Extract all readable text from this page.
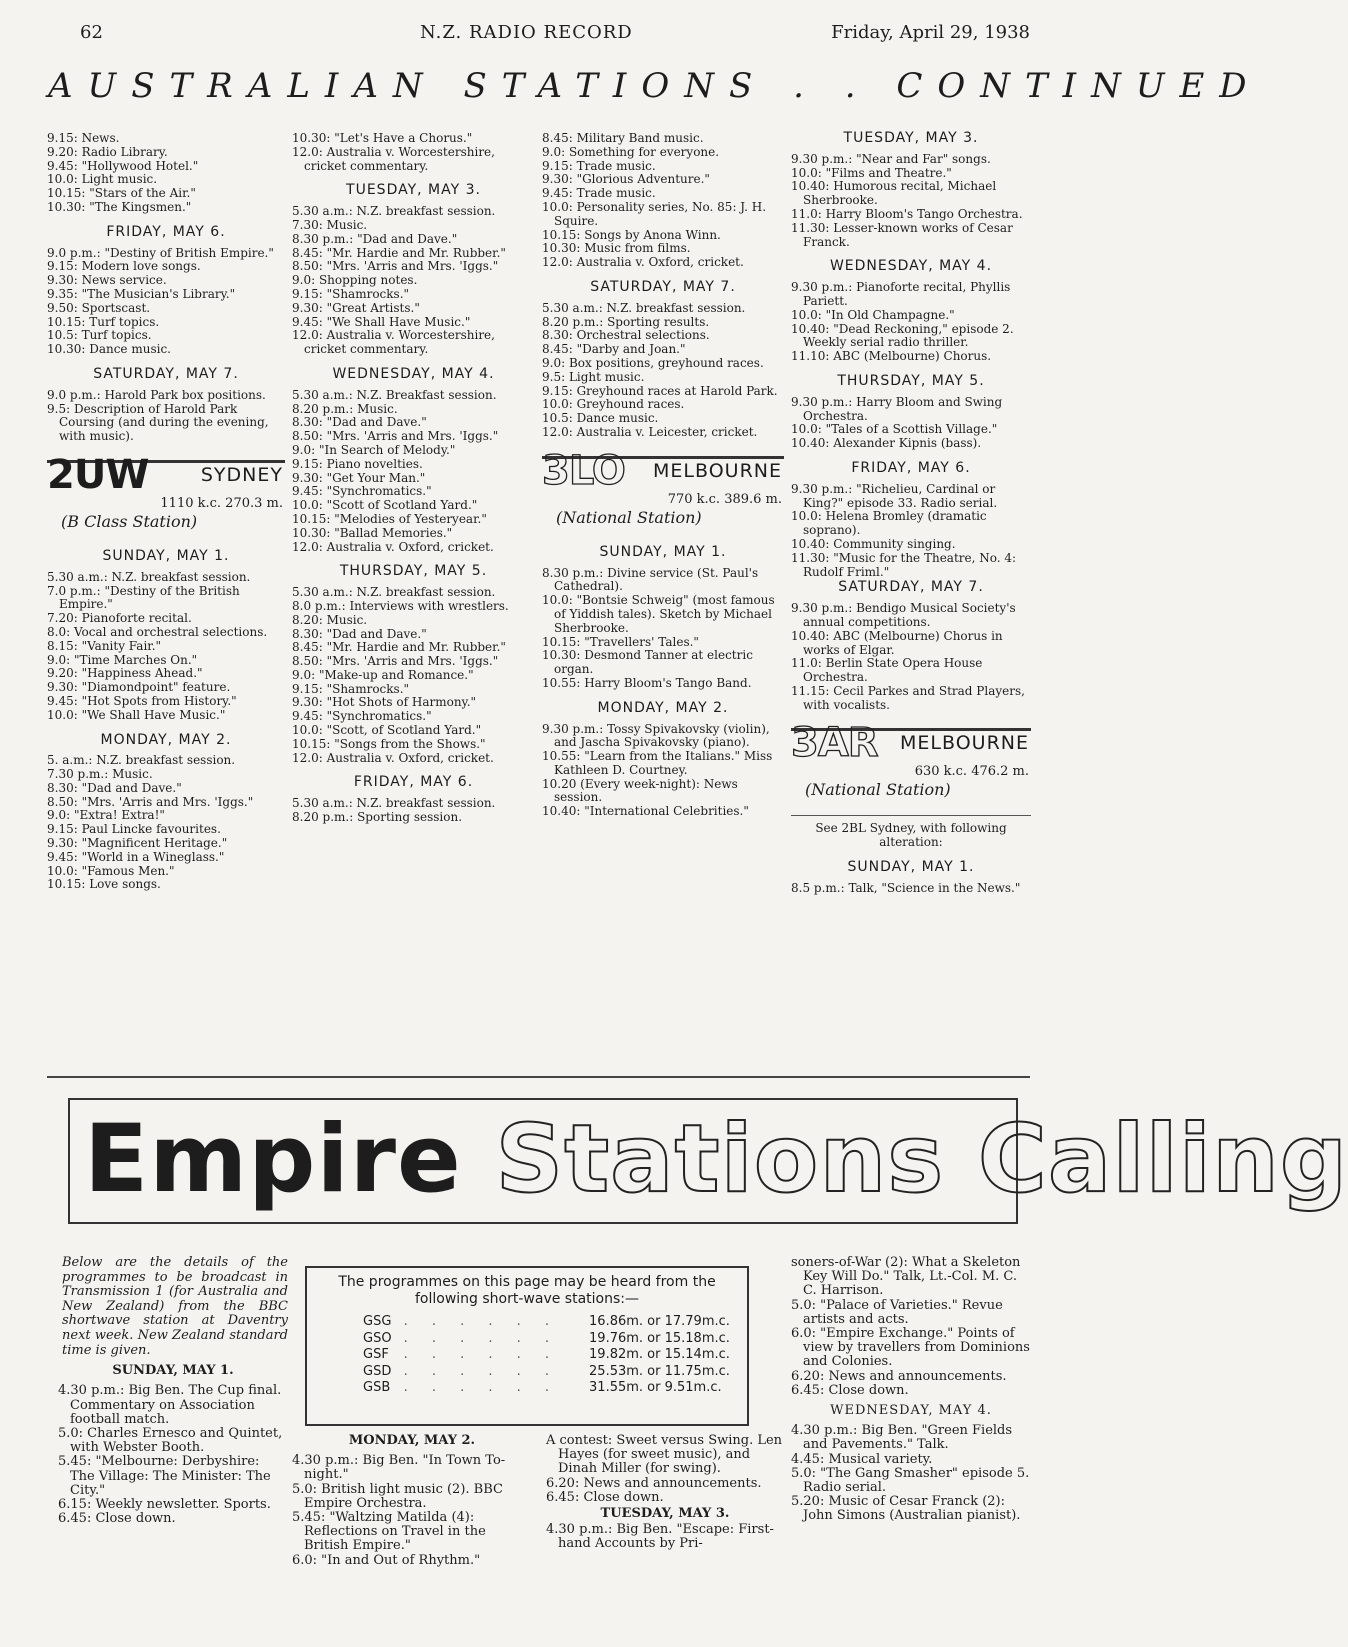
62	N.Z. RADIO RECORD	Friday, April 29, 1938
AUSTRALIAN STATIONS . . CONTINUED

9.15: News.

9.20: Radio Library.

9.45: "Hollywood Hotel."

10.0: Light music.

10.15: "Stars of the Air."

10.30: "The Kingsmen."

FRIDAY, MAY 6.

9.0 p.m.: "Destiny of British Empire."

9.15: Modern love songs.

9.30: News service.

9.35: "The Musician's Library."

9.50: Sportscast.

10.15: Turf topics.

10.5: Turf topics.

10.30: Dance music.

SATURDAY, MAY 7.

9.0 p.m.: Harold Park box positions.

9.5: Description of Harold Park Coursing (and during the evening, with music).

2UW	SYDNEY
1110 k.c. 270.3 m.
(B Class Station)
SUNDAY, MAY 1.

5.30 a.m.: N.Z. breakfast session.

7.0 p.m.: "Destiny of the British Empire."

7.20: Pianoforte recital.

8.0: Vocal and orchestral selections.

8.15: "Vanity Fair."

9.0: "Time Marches On."

9.20: "Happiness Ahead."

9.30: "Diamondpoint" feature.

9.45: "Hot Spots from History."

10.0: "We Shall Have Music."

MONDAY, MAY 2.

5. a.m.: N.Z. breakfast session.

7.30 p.m.: Music.

8.30: "Dad and Dave."

8.50: "Mrs. 'Arris and Mrs. 'Iggs."

9.0: "Extra! Extra!"

9.15: Paul Lincke favourites.

9.30: "Magnificent Heritage."

9.45: "World in a Wineglass."

10.0: "Famous Men."

10.15: Love songs.

10.30: "Let's Have a Chorus."

12.0: Australia v. Worcestershire, cricket commentary.

TUESDAY, MAY 3.

5.30 a.m.: N.Z. breakfast session.

7.30: Music.

8.30 p.m.: "Dad and Dave."

8.45: "Mr. Hardie and Mr. Rubber."

8.50: "Mrs. 'Arris and Mrs. 'Iggs."

9.0: Shopping notes.

9.15: "Shamrocks."

9.30: "Great Artists."

9.45: "We Shall Have Music."

12.0: Australia v. Worcestershire, cricket commentary.

WEDNESDAY, MAY 4.

5.30 a.m.: N.Z. Breakfast session.

8.20 p.m.: Music.

8.30: "Dad and Dave."

8.50: "Mrs. 'Arris and Mrs. 'Iggs."

9.0: "In Search of Melody."

9.15: Piano novelties.

9.30: "Get Your Man."

9.45: "Synchromatics."

10.0: "Scott of Scotland Yard."

10.15: "Melodies of Yesteryear."

10.30: "Ballad Memories."

12.0: Australia v. Oxford, cricket.

THURSDAY, MAY 5.

5.30 a.m.: N.Z. breakfast session.

8.0 p.m.: Interviews with wrestlers.

8.20: Music.

8.30: "Dad and Dave."

8.45: "Mr. Hardie and Mr. Rubber."

8.50: "Mrs. 'Arris and Mrs. 'Iggs."

9.0: "Make-up and Romance."

9.15: "Shamrocks."

9.30: "Hot Shots of Harmony."

9.45: "Synchromatics."

10.0: "Scott, of Scotland Yard."

10.15: "Songs from the Shows."

12.0: Australia v. Oxford, cricket.

FRIDAY, MAY 6.

5.30 a.m.: N.Z. breakfast session.

8.20 p.m.: Sporting session.

8.45: Military Band music.

9.0: Something for everyone.

9.15: Trade music.

9.30: "Glorious Adventure."

9.45: Trade music.

10.0: Personality series, No. 85: J. H. Squire.

10.15: Songs by Anona Winn.

10.30: Music from films.

12.0: Australia v. Oxford, cricket.

SATURDAY, MAY 7.

5.30 a.m.: N.Z. breakfast session.

8.20 p.m.: Sporting results.

8.30: Orchestral selections.

8.45: "Darby and Joan."

9.0: Box positions, greyhound races.

9.5: Light music.

9.15: Greyhound races at Harold Park.

10.0: Greyhound races.

10.5: Dance music.

12.0: Australia v. Leicester, cricket.

3LO MELBOURNE
770 k.c. 389.6 m.
(National Station)
SUNDAY, MAY 1.

8.30 p.m.: Divine service (St. Paul's Cathedral).

10.0: "Bontsie Schweig" (most famous of Yiddish tales). Sketch by Michael Sherbrooke.

10.15: "Travellers' Tales."

10.30: Desmond Tanner at electric organ.

10.55: Harry Bloom's Tango Band.

MONDAY, MAY 2.

9.30 p.m.: Tossy Spivakovsky (violin), and Jascha Spivakovsky (piano).

10.55: "Learn from the Italians." Miss Kathleen D. Courtney.

10.20 (Every week-night): News session.

10.40: "International Celebrities."

TUESDAY, MAY 3.

9.30 p.m.: "Near and Far" songs.

10.0: "Films and Theatre."

10.40: Humorous recital, Michael Sherbrooke.

11.0: Harry Bloom's Tango Orchestra.

11.30: Lesser-known works of Cesar Franck.

WEDNESDAY, MAY 4.

9.30 p.m.: Pianoforte recital, Phyllis Pariett.

10.0: "In Old Champagne."

10.40: "Dead Reckoning," episode 2. Weekly serial radio thriller.

11.10: ABC (Melbourne) Chorus.

THURSDAY, MAY 5.

9.30 p.m.: Harry Bloom and Swing Orchestra.

10.0: "Tales of a Scottish Village."

10.40: Alexander Kipnis (bass).

FRIDAY, MAY 6.

9.30 p.m.: "Richelieu, Cardinal or King?" episode 33. Radio serial.

10.0: Helena Bromley (dramatic soprano).

10.40: Community singing.

11.30: "Music for the Theatre, No. 4: Rudolf Friml."

SATURDAY, MAY 7.

9.30 p.m.: Bendigo Musical Society's annual competitions.

10.40: ABC (Melbourne) Chorus in works of Elgar.

11.0: Berlin State Opera House Orchestra.

11.15: Cecil Parkes and Strad Players, with vocalists.

3AR MELBOURNE
630 k.c. 476.2 m.
(National Station)

See 2BL Sydney, with following alteration:

SUNDAY, MAY 1.

8.5 p.m.: Talk, "Science in the News."

Empire Stations Calling

Below are the details of the programmes to be broadcast in Transmission 1 (for Australia and New Zealand) from the BBC shortwave station at Daventry next week. New Zealand standard time is given.

SUNDAY, MAY 1.

4.30 p.m.: Big Ben. The Cup final. Commentary on Association football match.

5.0: Charles Ernesco and Quintet, with Webster Booth.

5.45: "Melbourne: Derbyshire: The Village: The Minister: The City."

6.15: Weekly newsletter. Sports.

6.45: Close down.

The programmes on this page may be heard from the following short-wave stations:—
GSG	. . . . . .	16.86m. or 17.79m.c.
GSO	. . . . . .	19.76m. or 15.18m.c.
GSF	. . . . . .	19.82m. or 15.14m.c.
GSD	. . . . . .	25.53m. or 11.75m.c.
GSB	. . . . . .	31.55m. or 9.51m.c.
MONDAY, MAY 2.

4.30 p.m.: Big Ben. "In Town To-night."

5.0: British light music (2). BBC Empire Orchestra.

5.45: "Waltzing Matilda (4): Reflections on Travel in the British Empire."

6.0: "In and Out of Rhythm."

A contest: Sweet versus Swing. Len Hayes (for sweet music), and Dinah Miller (for swing).

6.20: News and announcements.

6.45: Close down.

TUESDAY, MAY 3.

4.30 p.m.: Big Ben. "Escape: First-hand Accounts by Pri-

soners-of-War (2): What a Skeleton Key Will Do." Talk, Lt.-Col. M. C. C. Harrison.

5.0: "Palace of Varieties." Revue artists and acts.

6.0: "Empire Exchange." Points of view by travellers from Dominions and Colonies.

6.20: News and announcements.

6.45: Close down.

WEDNESDAY, MAY 4.

4.30 p.m.: Big Ben. "Green Fields and Pavements." Talk.

4.45: Musical variety.

5.0: "The Gang Smasher" episode 5. Radio serial.

5.20: Music of Cesar Franck (2): John Simons (Australian pianist).
